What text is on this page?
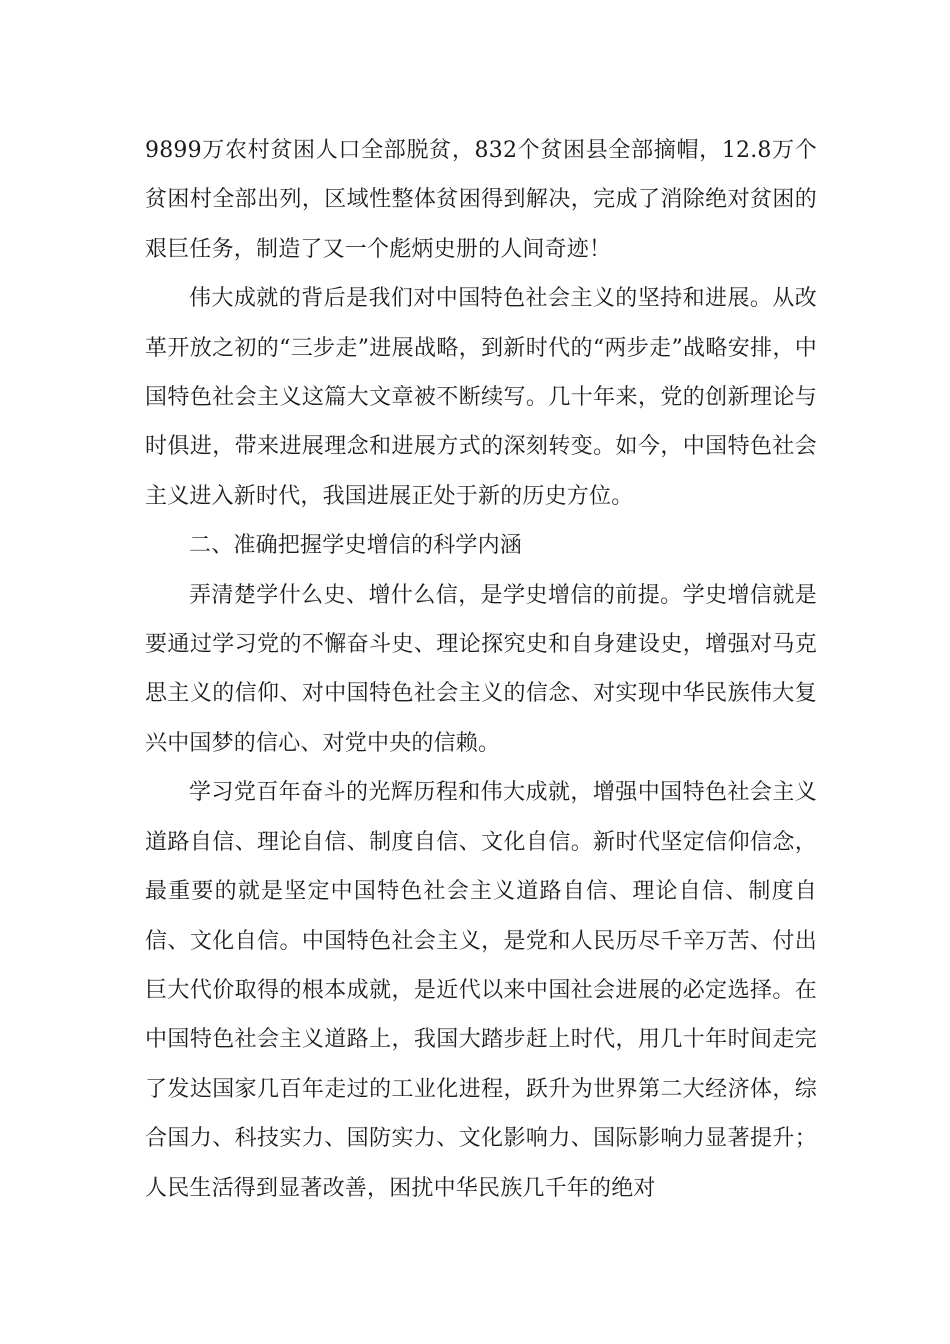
9899万农村贫困人口全部脱贫，832个贫困县全部摘帽，12.8万个贫困村全部出列，区域性整体贫困得到解决，完成了消除绝对贫困的艰巨任务，制造了又一个彪炳史册的人间奇迹！

伟大成就的背后是我们对中国特色社会主义的坚持和进展。从改革开放之初的“三步走”进展战略，到新时代的“两步走”战略安排，中国特色社会主义这篇大文章被不断续写。几十年来，党的创新理论与时俱进，带来进展理念和进展方式的深刻转变。如今，中国特色社会主义进入新时代，我国进展正处于新的历史方位。

二、准确把握学史增信的科学内涵

弄清楚学什么史、增什么信，是学史增信的前提。学史增信就是要通过学习党的不懈奋斗史、理论探究史和自身建设史，增强对马克思主义的信仰、对中国特色社会主义的信念、对实现中华民族伟大复兴中国梦的信心、对党中央的信赖。

学习党百年奋斗的光辉历程和伟大成就，增强中国特色社会主义道路自信、理论自信、制度自信、文化自信。新时代坚定信仰信念，最重要的就是坚定中国特色社会主义道路自信、理论自信、制度自信、文化自信。中国特色社会主义，是党和人民历尽千辛万苦、付出巨大代价取得的根本成就，是近代以来中国社会进展的必定选择。在中国特色社会主义道路上，我国大踏步赶上时代，用几十年时间走完了发达国家几百年走过的工业化进程，跃升为世界第二大经济体，综合国力、科技实力、国防实力、文化影响力、国际影响力显著提升；人民生活得到显著改善，困扰中华民族几千年的绝对
